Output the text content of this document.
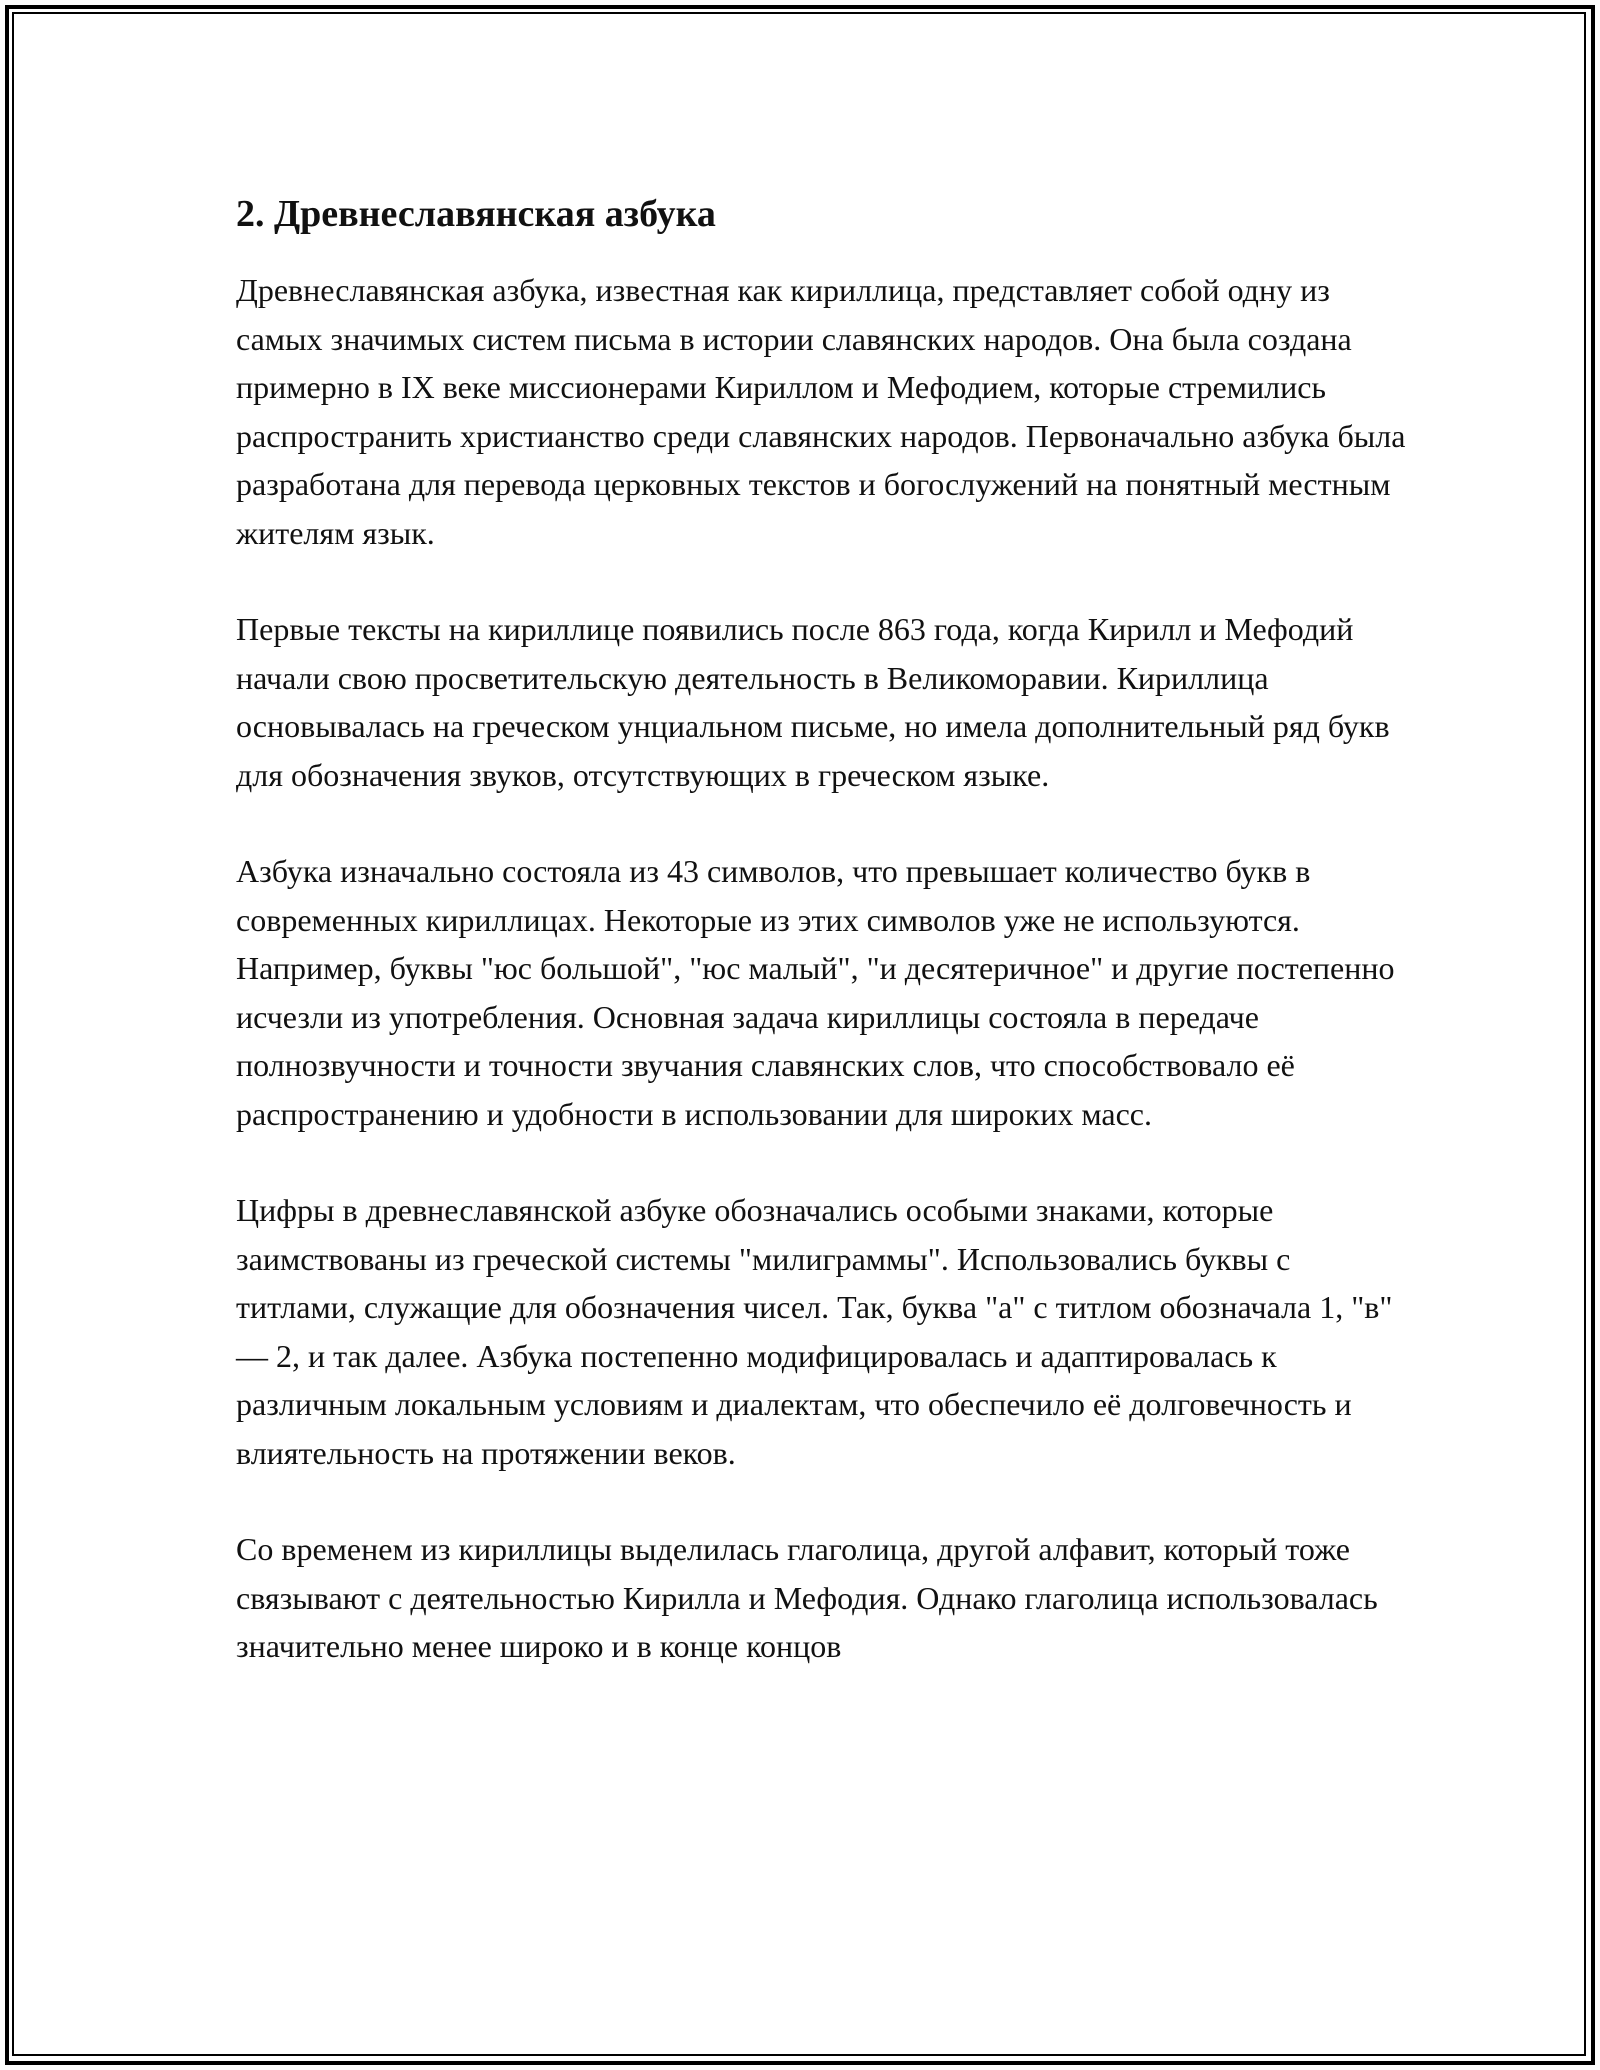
2. Древнеславянская азбука

Древнеславянская азбука, известная как кириллица, представляет собой одну из самых значимых систем письма в истории славянских народов. Она была создана примерно в IX веке миссионерами Кириллом и Мефодием, которые стремились распространить христианство среди славянских народов. Первоначально азбука была разработана для перевода церковных текстов и богослужений на понятный местным жителям язык.

Первые тексты на кириллице появились после 863 года, когда Кирилл и Мефодий начали свою просветительскую деятельность в Великоморавии. Кириллица основывалась на греческом унциальном письме, но имела дополнительный ряд букв для обозначения звуков, отсутствующих в греческом языке.

Азбука изначально состояла из 43 символов, что превышает количество букв в современных кириллицах. Некоторые из этих символов уже не используются. Например, буквы "юс большой", "юс малый", "и десятеричное" и другие постепенно исчезли из употребления. Основная задача кириллицы состояла в передаче полнозвучности и точности звучания славянских слов, что способствовало её распространению и удобности в использовании для широких масс.

Цифры в древнеславянской азбуке обозначались особыми знаками, которые заимствованы из греческой системы "милиграммы". Использовались буквы с титлами, служащие для обозначения чисел. Так, буква "а" с титлом обозначала 1, "в" — 2, и так далее. Азбука постепенно модифицировалась и адаптировалась к различным локальным условиям и диалектам, что обеспечило её долговечность и влиятельность на протяжении веков.

Со временем из кириллицы выделилась глаголица, другой алфавит, который тоже связывают с деятельностью Кирилла и Мефодия. Однако глаголица использовалась значительно менее широко и в конце концов
